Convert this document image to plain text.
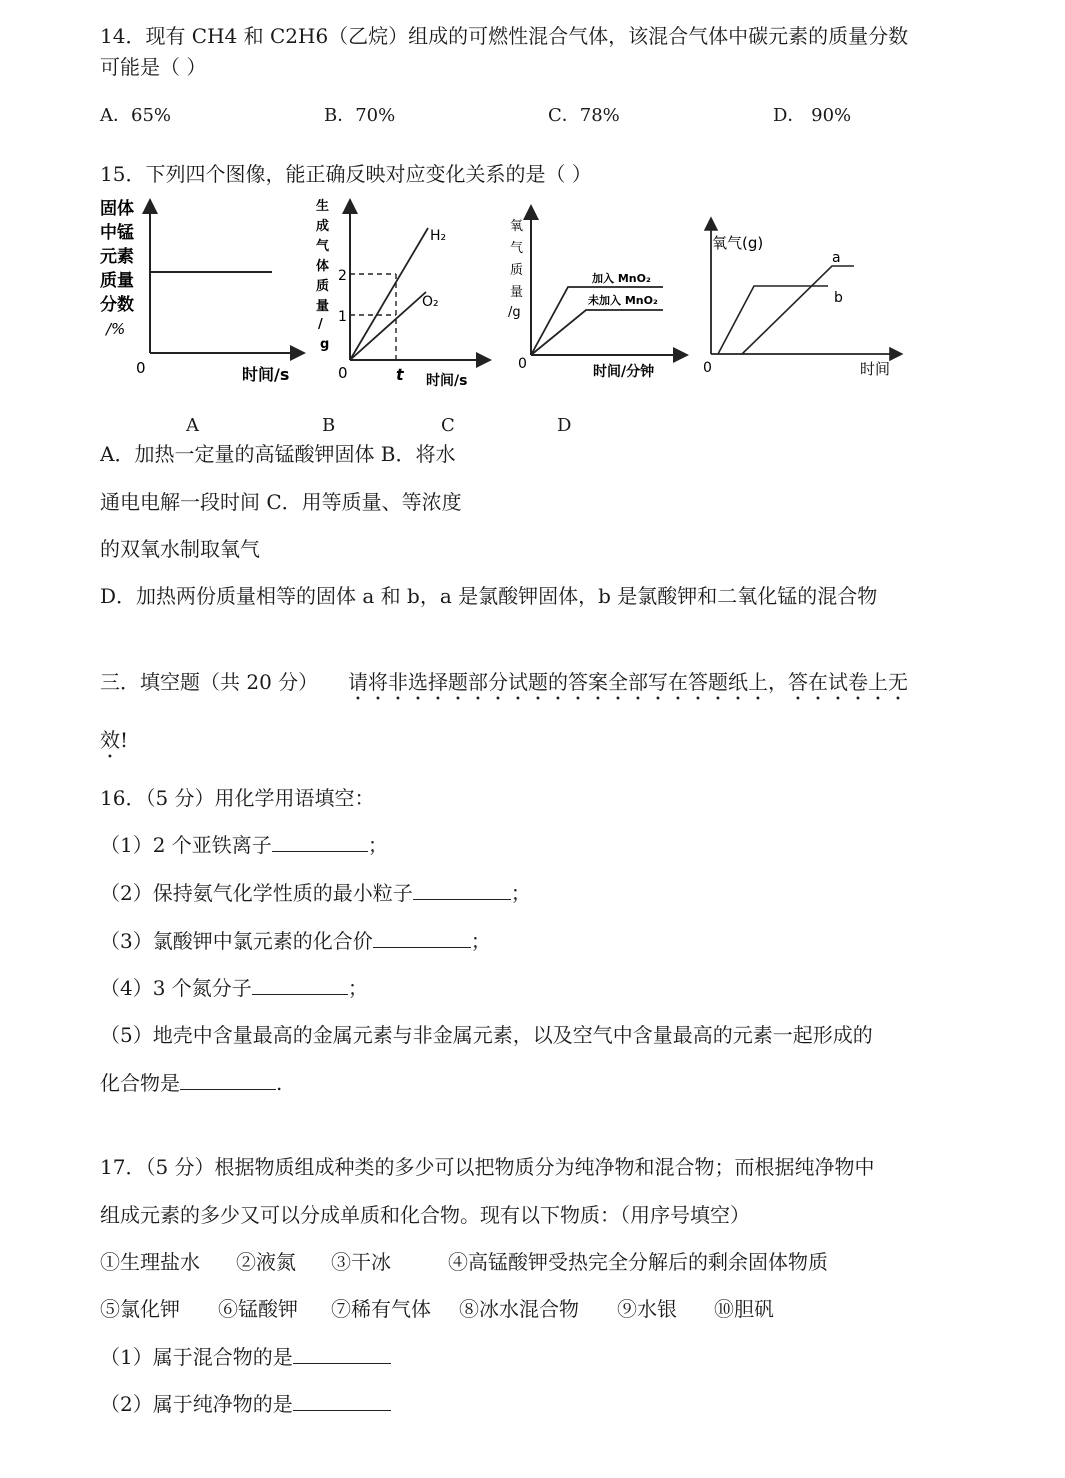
14．现有 CH4 和 C2H6（乙烷）组成的可燃性混合气体，该混合气体中碳元素的质量分数
可能是（ ）
A．65%	B．70%	C．78%	D． 90%
15．下列四个图像，能正确反映对应变化关系的是（ ）
固体
中锰
元素
质量
分数
/%
0	时间/s
生
成
气
体
质
量
/
g
2
1
H₂
O₂
0	t 时间/s
氧
气
质
量
/g
加入 MnO₂
未加入 MnO₂
0	时间/分钟
氧气(g)
a
b
0	时间
A	B	C	D
A．加热一定量的高锰酸钾固体 B．将水
通电电解一段时间 C．用等质量、等浓度
的双氧水制取氧气
D．加热两份质量相等的固体 a 和 b，a 是氯酸钾固体，b 是氯酸钾和二氧化锰的混合物
三．填空题（共 20 分） 请将非选择题部分试题的答案全部写在答题纸上，答在试卷上无
效!
16．（5 分）用化学用语填空：
（1）2 个亚铁离子	；
（2）保持氨气化学性质的最小粒子	；
（3）氯酸钾中氯元素的化合价	；
（4）3 个氮分子	；
（5）地壳中含量最高的金属元素与非金属元素，以及空气中含量最高的元素一起形成的
化合物是	.
17．（5 分）根据物质组成种类的多少可以把物质分为纯净物和混合物；而根据纯净物中
组成元素的多少又可以分成单质和化合物。现有以下物质：（用序号填空）
①生理盐水 ②液氮 ③干冰	④高锰酸钾受热完全分解后的剩余固体物质
⑤氯化钾 ⑥锰酸钾 ⑦稀有气体 ⑧冰水混合物 ⑨水银 ⑩胆矾
（1）属于混合物的是
（2）属于纯净物的是
